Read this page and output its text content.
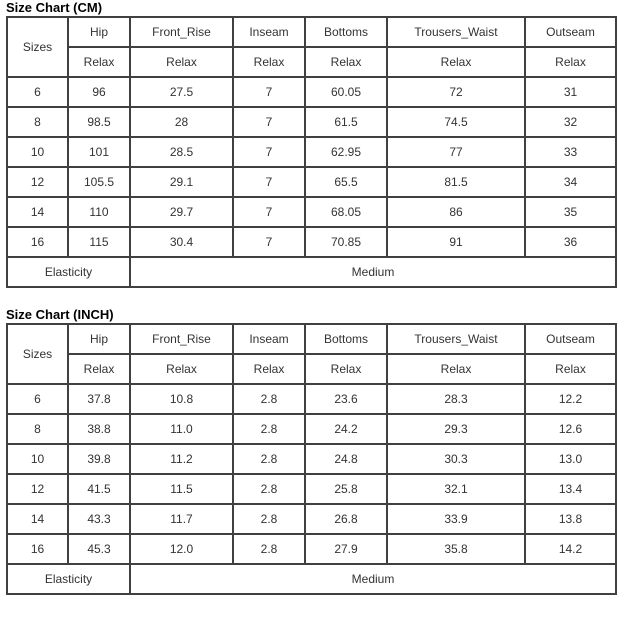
Size Chart (CM)
Sizes	Hip	Front_Rise	Inseam	Bottoms	Trousers_Waist	Outseam
	Relax	Relax	Relax	Relax	Relax	Relax
6	96	27.5	7	60.05	72	31
8	98.5	28	7	61.5	74.5	32
10	101	28.5	7	62.95	77	33
12	105.5	29.1	7	65.5	81.5	34
14	110	29.7	7	68.05	86	35
16	115	30.4	7	70.85	91	36
Elasticity		Medium				
Size Chart (INCH)
Sizes	Hip	Front_Rise	Inseam	Bottoms	Trousers_Waist	Outseam
	Relax	Relax	Relax	Relax	Relax	Relax
6	37.8	10.8	2.8	23.6	28.3	12.2
8	38.8	11.0	2.8	24.2	29.3	12.6
10	39.8	11.2	2.8	24.8	30.3	13.0
12	41.5	11.5	2.8	25.8	32.1	13.4
14	43.3	11.7	2.8	26.8	33.9	13.8
16	45.3	12.0	2.8	27.9	35.8	14.2
Elasticity		Medium				
